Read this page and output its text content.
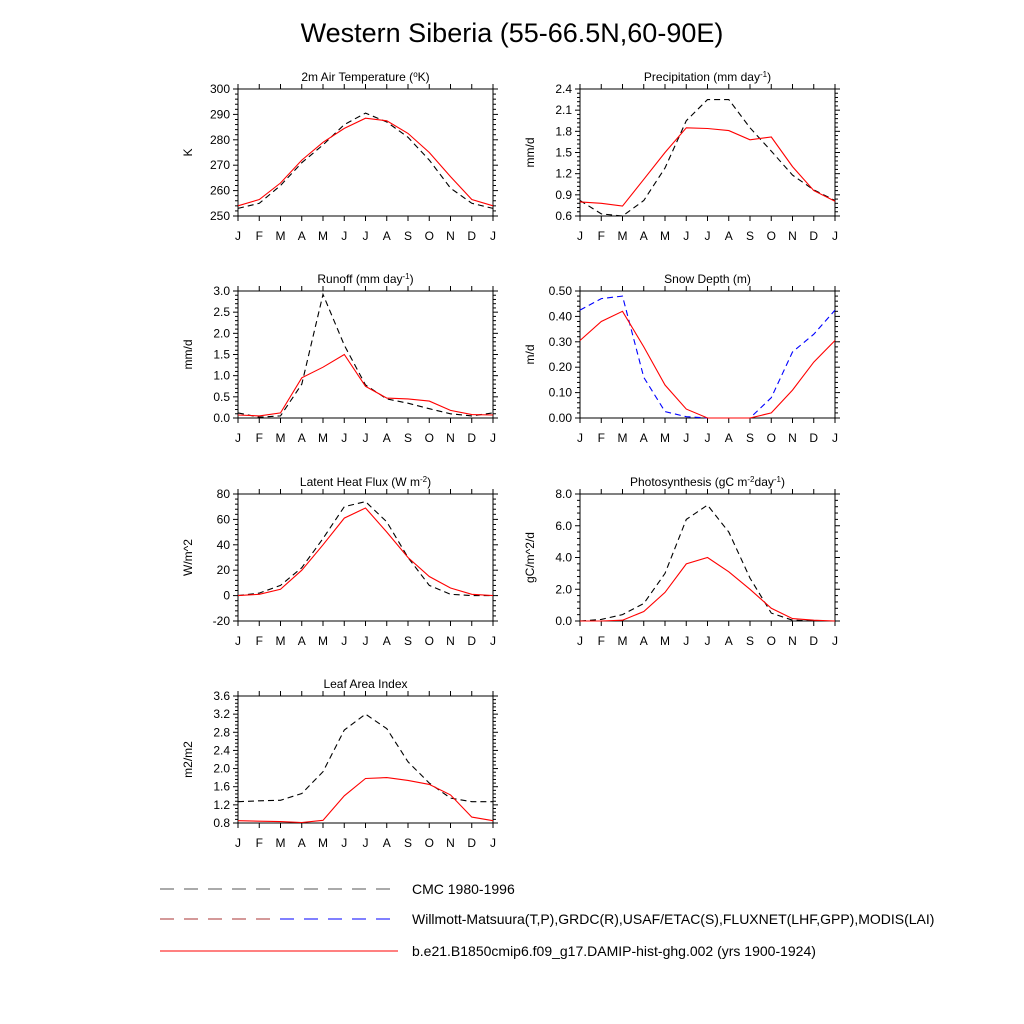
Western Siberia (55-66.5N,60-90E)
2m Air Temperature ($^o$K)
K
250
260
270
280
290
300
J F M A M J J A S O N D J
Precipitation (mm day$^{-1}$)
mm/d
0.6
0.9
1.2
1.5
1.8
2.1
2.4
J F M A M J J A S O N D J
Runoff (mm day$^{-1}$)
mm/d
0.0
0.5
1.0
1.5
2.0
2.5
3.0
J F M A M J J A S O N D J
Snow Depth (m)
m/d
0.00
0.10
0.20
0.30
0.40
0.50
J F M A M J J A S O N D J
Latent Heat Flux (W $m^{-2}$)
W/m^2
-20
0
20
40
60
80
J F M A M J J A S O N D J
Photosynthesis (gC $m^{-2}day^{-1}$)
gC/m^2/d
0.0
2.0
4.0
6.0
8.0
J F M A M J J A S O N D J
Leaf Area Index
m2/m2
0.8
1.2
1.6
2.0
2.4
2.8
3.2
3.6
J F M A M J J A S O N D J
CMC 1980-1996
Willmott-Matsuura(T,P),GRDC(R),USAF/ETAC(S),FLUXNET(LHF,GPP),MODIS(LAI)
b.e21.B1850cmip6.f09_g17.DAMIP-hist-ghg.002 (yrs 1900-1924)
